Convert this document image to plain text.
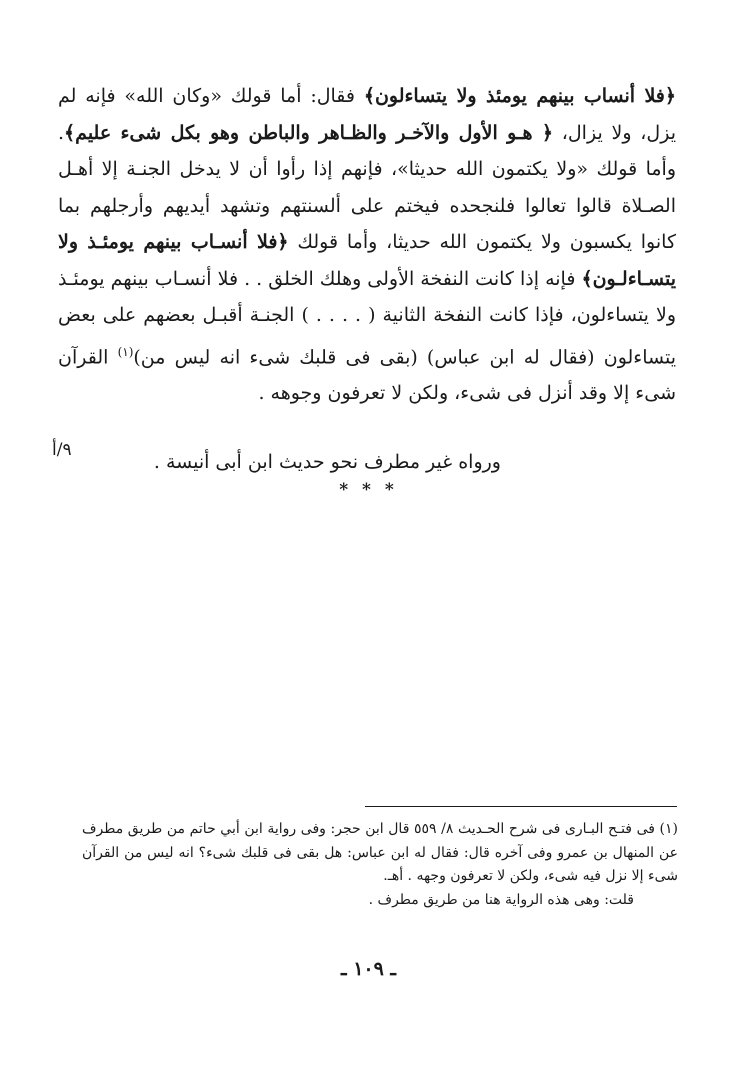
﴿فلا أنساب بينهم يومئذ ولا يتساءلون﴾ فقال: أما قولك «وكان الله» فإنه لم يزل، ولا يزال، ﴿ هـو الأول والآخـر والظـاهر والباطن وهو بكل شىء عليم﴾. وأما قولك «ولا يكتمون الله حديثا»، فإنهم إذا رأوا أن لا يدخل الجنـة إلا أهـل الصـلاة قالوا تعالوا فلنجحده فيختم على ألسنتهم وتشهد أيديهم وأرجلهم بما كانوا يكسبون ولا يكتمون الله حديثا، وأما قولك ﴿فلا أنسـاب بينهم يومئـذ ولا يتسـاءلـون﴾ فإنه إذا كانت النفخة الأولى وهلك الخلق . . فلا أنسـاب بينهم يومئـذ ولا يتساءلون، فإذا كانت النفخة الثانية ( . . . . ) الجنـة أقبـل بعضهم على بعض يتساءلون (فقال له ابن عباس) (بقى فى قلبك شىء انه ليس من)$^{(١)}$ القرآن شىء إلا وقد أنزل فى شىء، ولكن لا تعرفون وجوهه .

ورواه غير مطرف نحو حديث ابن أبى أنيسة .
٩/أ
* * *

(١) فى فتـح البـارى فى شرح الحـديث ٨/ ٥٥٩ قال ابن حجر: وفى رواية ابن أبي حاتم من طريق مطرف عن المنهال بن عمرو وفى آخره قال: فقال له ابن عباس: هل بقى فى قلبك شىء؟ انه ليس من القرآن شىء إلا نزل فيه شىء، ولكن لا تعرفون وجهه . أهـ.

قلت: وهى هذه الرواية هنا من طريق مطرف .

ـ ١٠٩ ـ
